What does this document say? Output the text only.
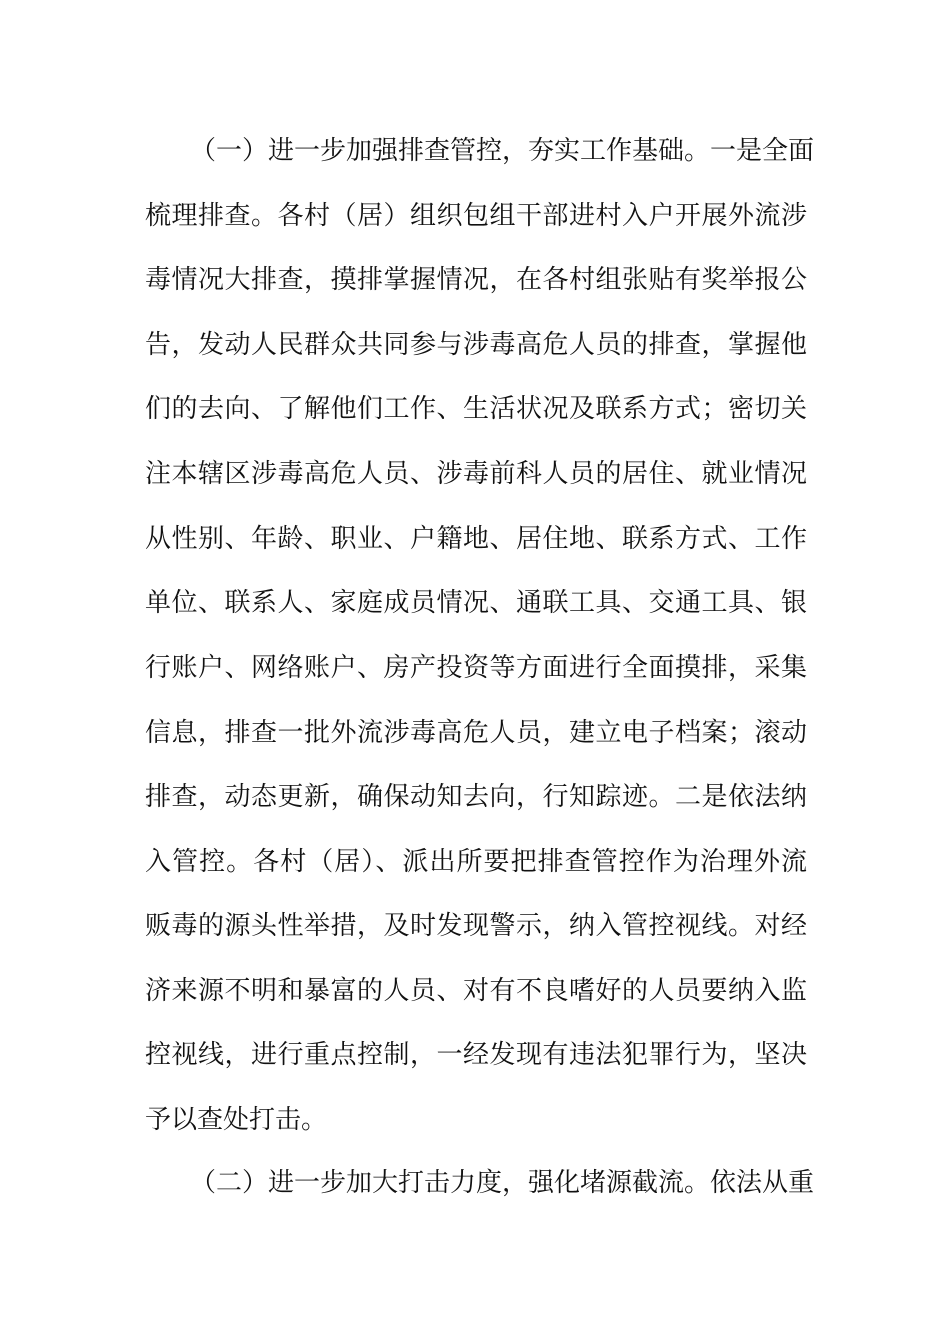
（一）进一步加强排查管控，夯实工作基础。一是全面
梳理排查。各村（居）组织包组干部进村入户开展外流涉
毒情况大排查，摸排掌握情况，在各村组张贴有奖举报公
告，发动人民群众共同参与涉毒高危人员的排查，掌握他
们的去向、了解他们工作、生活状况及联系方式；密切关
注本辖区涉毒高危人员、涉毒前科人员的居住、就业情况
从性别、年龄、职业、户籍地、居住地、联系方式、工作
单位、联系人、家庭成员情况、通联工具、交通工具、银
行账户、网络账户、房产投资等方面进行全面摸排，采集
信息，排查一批外流涉毒高危人员，建立电子档案；滚动
排查，动态更新，确保动知去向，行知踪迹。二是依法纳
入管控。各村（居）、派出所要把排查管控作为治理外流
贩毒的源头性举措，及时发现警示，纳入管控视线。对经
济来源不明和暴富的人员、对有不良嗜好的人员要纳入监
控视线，进行重点控制，一经发现有违法犯罪行为，坚决
予以查处打击。
（二）进一步加大打击力度，强化堵源截流。依法从重
